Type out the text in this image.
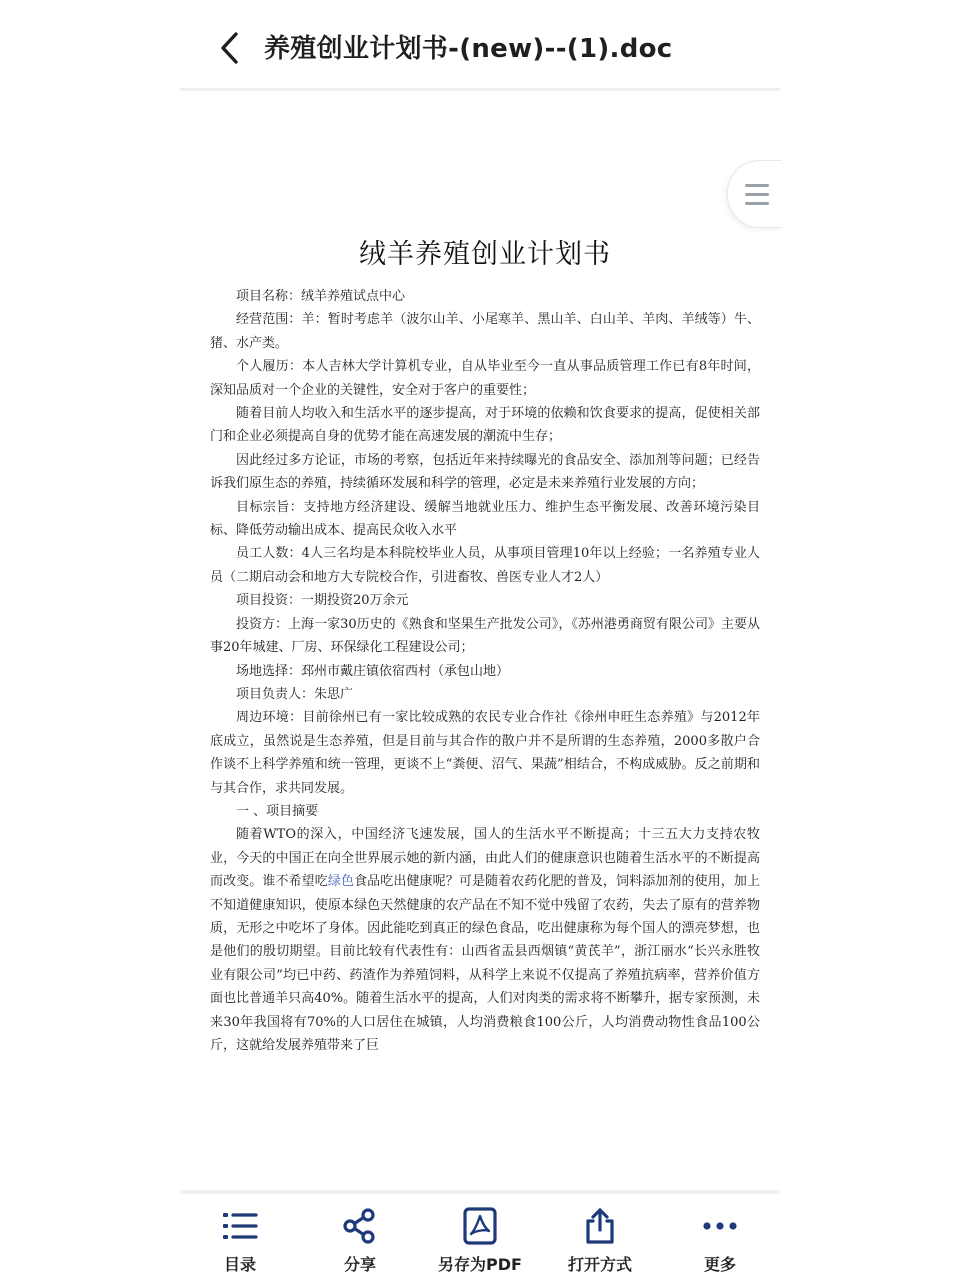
养殖创业计划书-(new)--(1).doc
绒羊养殖创业计划书

项目名称：绒羊养殖试点中心

经营范围：羊：暂时考虑羊（波尔山羊、小尾寒羊、黑山羊、白山羊、羊肉、羊绒等）牛、猪、水产类。

个人履历：本人吉林大学计算机专业，自从毕业至今一直从事品质管理工作已有8年时间，深知品质对一个企业的关键性，安全对于客户的重要性；

随着目前人均收入和生活水平的逐步提高，对于环境的依赖和饮食要求的提高，促使相关部门和企业必须提高自身的优势才能在高速发展的潮流中生存；

因此经过多方论证，市场的考察，包括近年来持续曝光的食品安全、添加剂等问题；已经告诉我们原生态的养殖，持续循环发展和科学的管理，必定是未来养殖行业发展的方向；

目标宗旨：支持地方经济建设、缓解当地就业压力、维护生态平衡发展、改善环境污染目标、降低劳动输出成本、提高民众收入水平

员工人数：4人三名均是本科院校毕业人员，从事项目管理10年以上经验；一名养殖专业人员（二期启动会和地方大专院校合作，引进畜牧、兽医专业人才2人）

项目投资：一期投资20万余元

投资方：上海一家30历史的《熟食和坚果生产批发公司》，《苏州港勇商贸有限公司》主要从事20年城建、厂房、环保绿化工程建设公司；

场地选择：邳州市戴庄镇依宿西村（承包山地）

项目负责人：朱思广

周边环境：目前徐州已有一家比较成熟的农民专业合作社《徐州申旺生态养殖》与2012年底成立，虽然说是生态养殖，但是目前与其合作的散户并不是所谓的生态养殖，2000多散户合作谈不上科学养殖和统一管理，更谈不上“粪便、沼气、果蔬”相结合，不构成威胁。反之前期和与其合作，求共同发展。

一 、项目摘要

随着WTO的深入，中国经济飞速发展，国人的生活水平不断提高；十三五大力支持农牧业，今天的中国正在向全世界展示她的新内涵，由此人们的健康意识也随着生活水平的不断提高而改变。谁不希望吃绿色食品吃出健康呢？可是随着农药化肥的普及，饲料添加剂的使用，加上不知道健康知识，使原本绿色天然健康的农产品在不知不觉中残留了农药，失去了原有的营养物质，无形之中吃坏了身体。因此能吃到真正的绿色食品，吃出健康称为每个国人的漂亮梦想，也是他们的殷切期望。目前比较有代表性有：山西省盂县西烟镇“黄芪羊”，浙江丽水“长兴永胜牧业有限公司”均已中药、药渣作为养殖饲料，从科学上来说不仅提高了养殖抗病率，营养价值方面也比普通羊只高40%。随着生活水平的提高，人们对肉类的需求将不断攀升，据专家预测，未来30年我国将有70%的人口居住在城镇，人均消费粮食100公斤，人均消费动物性食品100公斤，这就给发展养殖带来了巨

目录	分享	另存为PDF	打开方式	更多
